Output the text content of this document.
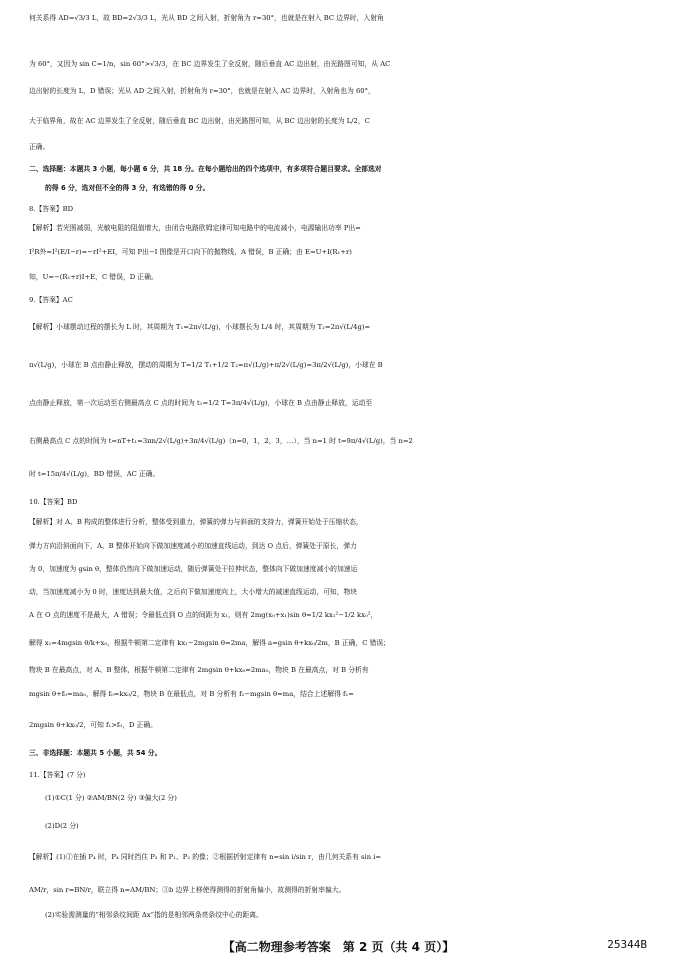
何关系得 AD=√3/3 L，故 BD=2√3/3 L，光从 BD 之间入射，折射角为 r=30°，也就是在射入 BC 边界时，入射角
为 60°，又因为 sin C=1/n，sin 60°>√3/3，在 BC 边界发生了全反射，随后垂直 AC 边出射，由光路图可知，从 AC
边出射的长度为 L，D 错误；光从 AD 之间入射，折射角为 r=30°，也就是在射入 AC 边界时，入射角也为 60°，
大于临界角，故在 AC 边界发生了全反射，随后垂直 BC 边出射，由光路图可知，从 BC 边出射的长度为 L/2，C
正确。
二、选择题：本题共 3 小题，每小题 6 分，共 18 分。在每小题给出的四个选项中，有多项符合题目要求。全部选对
的得 6 分，选对但不全的得 3 分，有选错的得 0 分。
8.【答案】BD
【解析】若光照减弱，光敏电阻的阻值增大，由闭合电路欧姆定律可知电路中的电流减小，电源输出功率 P出=
I²R外=I²(E/I−r)=−rI²+EI，可知 P出−I 图像是开口向下的抛物线，A 错误，B 正确；由 E=U+I(R₁+r)
知，U=−(R₁+r)I+E，C 错误，D 正确。
9.【答案】AC
【解析】小球摆动过程的摆长为 L 时，其周期为 T₁=2π√(L/g)，小球摆长为 L/4 时，其周期为 T₂=2π√(L/4g)=
π√(L/g)，小球在 B 点由静止释放，摆动的周期为 T=1/2 T₁+1/2 T₂=π√(L/g)+π/2√(L/g)=3π/2√(L/g)，小球在 B
点由静止释放，第一次运动至右侧最高点 C 点的时间为 t₁=1/2 T=3π/4√(L/g)，小球在 B 点由静止释放，运动至
右侧最高点 C 点的时间为 t=nT+t₁=3πn/2√(L/g)+3π/4√(L/g)（n=0，1，2，3，…），当 n=1 时 t=9π/4√(L/g)，当 n=2
时 t=15π/4√(L/g)，BD 错误，AC 正确。
10.【答案】BD
【解析】对 A、B 构成的整体进行分析，整体受到重力，弹簧的弹力与斜面的支持力，弹簧开始处于压缩状态，
弹力方向沿斜面向下，A、B 整体开始向下做加速度减小的加速直线运动，到达 O 点后，弹簧处于原长，弹力
为 0，加速度为 gsin θ，整体仍然向下做加速运动，随后弹簧处于拉伸状态，整体向下做加速度减小的加速运
动，当加速度减小为 0 时，速度达到最大值，之后向下做加速度向上，大小增大的减速直线运动，可知，物块
A 在 O 点的速度不是最大，A 错误；令最低点到 O 点的间距为 x₁，则有 2mg(x₀+x₁)sin θ=1/2 kx₁²−1/2 kx₀²，
解得 x₁=4mgsin θ/k+x₀，根据牛顿第二定律有 kx₁−2mgsin θ=2ma，解得 a=gsin θ+kx₀/2m，B 正确，C 错误；
物块 B 在最高点，对 A、B 整体，根据牛顿第二定律有 2mgsin θ+kx₀=2ma₀，物块 B 在最高点，对 B 分析有
mgsin θ+f₀=ma₀，解得 f₀=kx₀/2，物块 B 在最低点，对 B 分析有 f₁−mgsin θ=ma，结合上述解得 f₁=
2mgsin θ+kx₀/2，可知 f₁>f₀，D 正确。
三、非选择题：本题共 5 小题，共 54 分。
11.【答案】(7 分)
(1)①C(1 分) ②AM/BN(2 分) ③偏大(2 分)
(2)D(2 分)
【解析】(1)①在插 P₄ 时，P₄ 同时挡住 P₃ 和 P₁、P₂ 的像；②根据折射定律有 n=sin i/sin r，由几何关系有 sin i=
AM/r，sin r=BN/r，联立得 n=AM/BN；③b 边界上移使得测得的折射角偏小，故测得的折射率偏大。
(2)实验需测量的“相邻条纹间距 Δx”指的是相邻两条亮条纹中心的距离。
【高二物理参考答案　第 2 页（共 4 页）】	25344B
